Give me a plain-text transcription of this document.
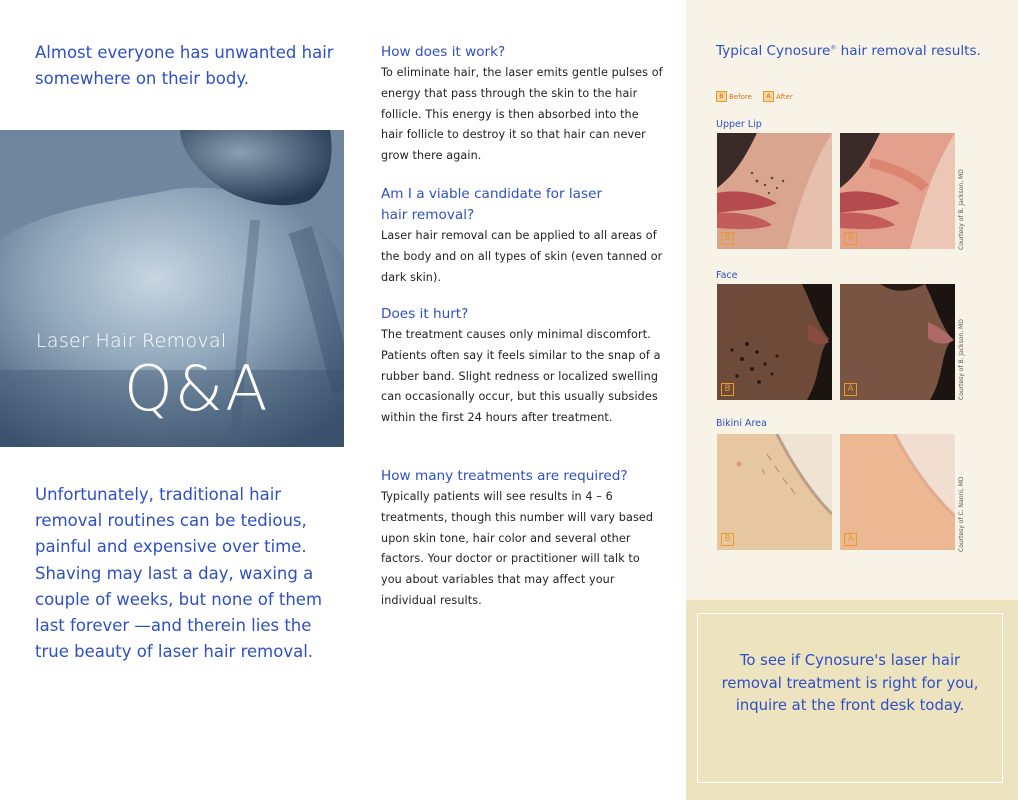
Almost everyone has unwanted hair somewhere on their body.

Laser Hair Removal
Q&A

Unfortunately, traditional hair removal routines can be tedious, painful and expensive over time. Shaving may last a day, waxing a couple of weeks, but none of them last forever —and therein lies the true beauty of laser hair removal.

How does it work?

To eliminate hair, the laser emits gentle pulses of energy that pass through the skin to the hair follicle. This energy is then absorbed into the hair follicle to destroy it so that hair can never grow there again.

Am I a viable candidate for laser hair removal?

Laser hair removal can be applied to all areas of the body and on all types of skin (even tanned or dark skin).

Does it hurt?

The treatment causes only minimal discomfort. Patients often say it feels similar to the snap of a rubber band. Slight redness or localized swelling can occasionally occur, but this usually subsides within the first 24 hours after treatment.

How many treatments are required?

Typically patients will see results in 4 – 6 treatments, though this number will vary based upon skin tone, hair color and several other factors. Your doctor or practitioner will talk to you about variables that may affect your individual results.

To see if Cynosure's laser hair removal treatment is right for you, inquire at the front desk today.

Typical Cynosure® hair removal results.
B Before A After
Upper Lip
B	A	Courtesy of B. Jackson, MD
Face
B	A	Courtesy of B. Jackson, MD
Bikini Area
B	A	Courtesy of C. Nanni, MD
